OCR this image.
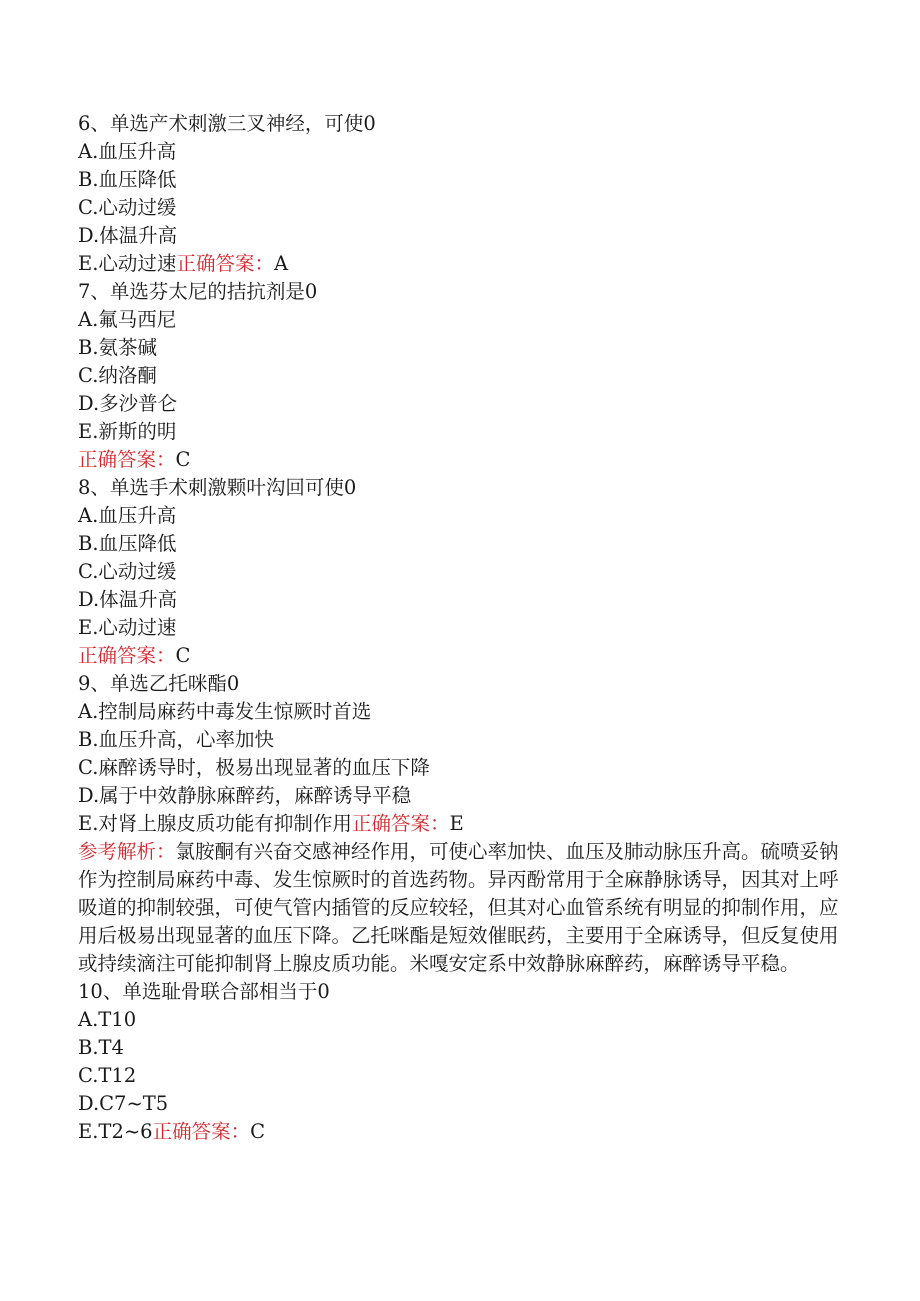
6、单选产术刺激三叉神经，可使0
A.血压升高
B.血压降低
C.心动过缓
D.体温升高
E.心动过速正确答案：A
7、单选芬太尼的拮抗剂是0
A.氟马西尼
B.氨茶碱
C.纳洛酮
D.多沙普仑
E.新斯的明
正确答案：C
8、单选手术刺激颗叶沟回可使0
A.血压升高
B.血压降低
C.心动过缓
D.体温升高
E.心动过速
正确答案：C
9、单选乙托咪酯0
A.控制局麻药中毒发生惊厥时首选
B.血压升高，心率加快
C.麻醉诱导时，极易出现显著的血压下降
D.属于中效静脉麻醉药，麻醉诱导平稳
E.对肾上腺皮质功能有抑制作用正确答案：E
参考解析：氯胺酮有兴奋交感神经作用，可使心率加快、血压及肺动脉压升高。硫喷妥钠作为控制局麻药中毒、发生惊厥时的首选药物。异丙酚常用于全麻静脉诱导，因其对上呼吸道的抑制较强，可使气管内插管的反应较轻，但其对心血管系统有明显的抑制作用，应用后极易出现显著的血压下降。乙托咪酯是短效催眠药，主要用于全麻诱导，但反复使用或持续滴注可能抑制肾上腺皮质功能。米嘎安定系中效静脉麻醉药，麻醉诱导平稳。
10、单选耻骨联合部相当于0
A.T10
B.T4
C.T12
D.C7~T5
E.T2~6正确答案：C
